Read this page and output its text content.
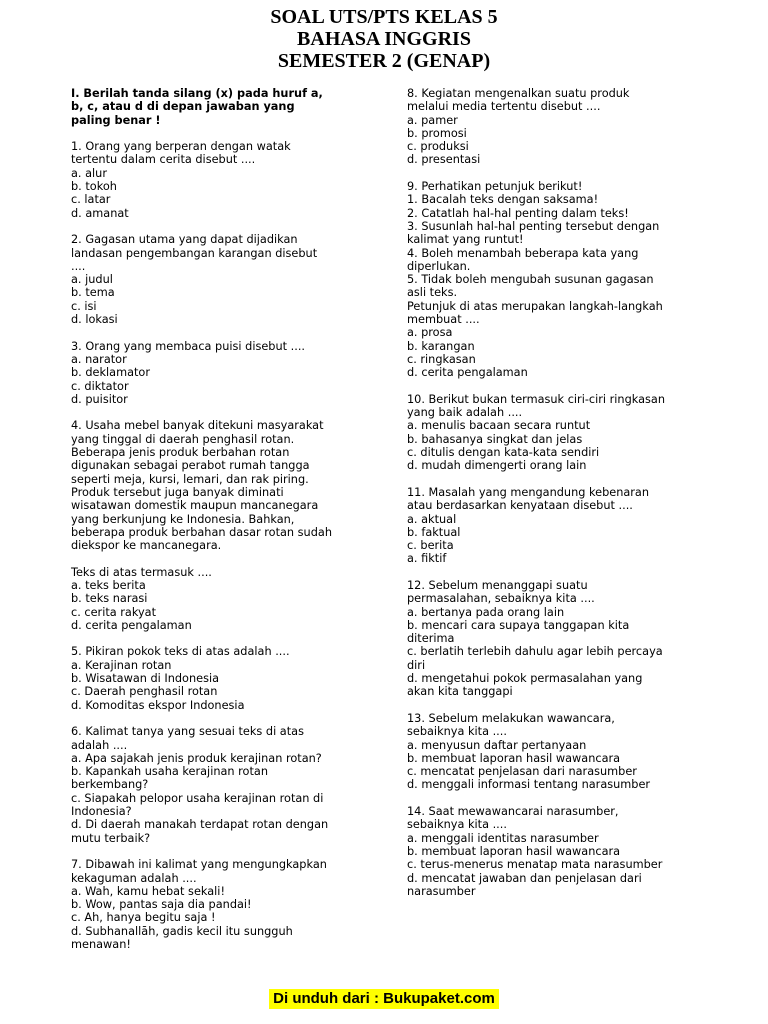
SOAL UTS/PTS KELAS 5
BAHASA INGGRIS
SEMESTER 2 (GENAP)
I. Berilah tanda silang (x) pada huruf a,
b, c, atau d di depan jawaban yang
paling benar !
1. Orang yang berperan dengan watak
tertentu dalam cerita disebut ....
a. alur
b. tokoh
c. latar
d. amanat
2. Gagasan utama yang dapat dijadikan
landasan pengembangan karangan disebut
....
a. judul
b. tema
c. isi
d. lokasi
3. Orang yang membaca puisi disebut ....
a. narator
b. deklamator
c. diktator
d. puisitor
4. Usaha mebel banyak ditekuni masyarakat
yang tinggal di daerah penghasil rotan.
Beberapa jenis produk berbahan rotan
digunakan sebagai perabot rumah tangga
seperti meja, kursi, lemari, dan rak piring.
Produk tersebut juga banyak diminati
wisatawan domestik maupun mancanegara
yang berkunjung ke Indonesia. Bahkan,
beberapa produk berbahan dasar rotan sudah
diekspor ke mancanegara.
Teks di atas termasuk ....
a. teks berita
b. teks narasi
c. cerita rakyat
d. cerita pengalaman
5. Pikiran pokok teks di atas adalah ....
a. Kerajinan rotan
b. Wisatawan di Indonesia
c. Daerah penghasil rotan
d. Komoditas ekspor Indonesia
6. Kalimat tanya yang sesuai teks di atas
adalah ....
a. Apa sajakah jenis produk kerajinan rotan?
b. Kapankah usaha kerajinan rotan
berkembang?
c. Siapakah pelopor usaha kerajinan rotan di
Indonesia?
d. Di daerah manakah terdapat rotan dengan
mutu terbaik?
7. Dibawah ini kalimat yang mengungkapkan
kekaguman adalah ....
a. Wah, kamu hebat sekali!
b. Wow, pantas saja dia pandai!
c. Ah, hanya begitu saja !
d. Subhanallāh, gadis kecil itu sungguh
menawan!
8. Kegiatan mengenalkan suatu produk
melalui media tertentu disebut ....
a. pamer
b. promosi
c. produksi
d. presentasi
9. Perhatikan petunjuk berikut!
1. Bacalah teks dengan saksama!
2. Catatlah hal-hal penting dalam teks!
3. Susunlah hal-hal penting tersebut dengan
kalimat yang runtut!
4. Boleh menambah beberapa kata yang
diperlukan.
5. Tidak boleh mengubah susunan gagasan
asli teks.
Petunjuk di atas merupakan langkah-langkah
membuat ....
a. prosa
b. karangan
c. ringkasan
d. cerita pengalaman
10. Berikut bukan termasuk ciri-ciri ringkasan
yang baik adalah ....
a. menulis bacaan secara runtut
b. bahasanya singkat dan jelas
c. ditulis dengan kata-kata sendiri
d. mudah dimengerti orang lain
11. Masalah yang mengandung kebenaran
atau berdasarkan kenyataan disebut ....
a. aktual
b. faktual
c. berita
a. fiktif
12. Sebelum menanggapi suatu
permasalahan, sebaiknya kita ....
a. bertanya pada orang lain
b. mencari cara supaya tanggapan kita
diterima
c. berlatih terlebih dahulu agar lebih percaya
diri
d. mengetahui pokok permasalahan yang
akan kita tanggapi
13. Sebelum melakukan wawancara,
sebaiknya kita ....
a. menyusun daftar pertanyaan
b. membuat laporan hasil wawancara
c. mencatat penjelasan dari narasumber
d. menggali informasi tentang narasumber
14. Saat mewawancarai narasumber,
sebaiknya kita ....
a. menggali identitas narasumber
b. membuat laporan hasil wawancara
c. terus-menerus menatap mata narasumber
d. mencatat jawaban dan penjelasan dari
narasumber
Di unduh dari : Bukupaket.com
